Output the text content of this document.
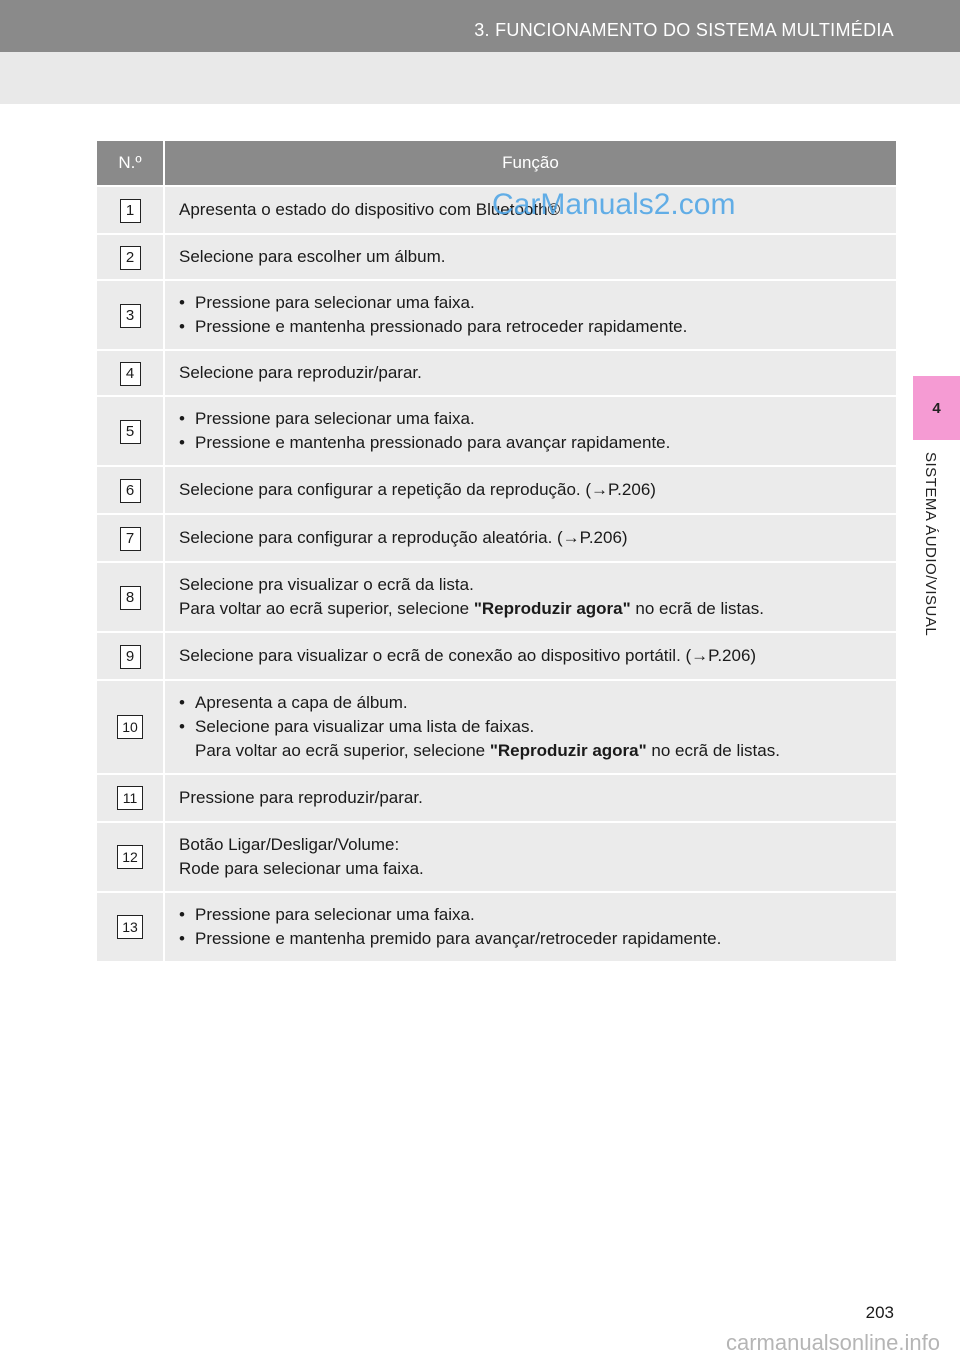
3. FUNCIONAMENTO DO SISTEMA MULTIMÉDIA
4
SISTEMA ÁUDIO/VISUAL
N.º	Função
1	Apresenta o estado do dispositivo com Bluetooth®

2	Selecione para escolher um álbum.

3	• Pressione para selecionar uma faixa.
• Pressione e mantenha pressionado para retroceder rapidamente.

4	Selecione para reproduzir/parar.

5	• Pressione para selecionar uma faixa.
• Pressione e mantenha pressionado para avançar rapidamente.

6	Selecione para configurar a repetição da reprodução. (→P.206)

7	Selecione para configurar a reprodução aleatória. (→P.206)

8	Selecione pra visualizar o ecrã da lista.
Para voltar ao ecrã superior, selecione "Reproduzir agora" no ecrã de listas.

9	Selecione para visualizar o ecrã de conexão ao dispositivo portátil. (→P.206)

10	• Apresenta a capa de álbum.
• Selecione para visualizar uma lista de faixas.
Para voltar ao ecrã superior, selecione "Reproduzir agora" no ecrã de listas.

11	Pressione para reproduzir/parar.

12	Botão Ligar/Desligar/Volume:
Rode para selecionar uma faixa.

13	• Pressione para selecionar uma faixa.
• Pressione e mantenha premido para avançar/retroceder rapidamente.
CarManuals2.com
203
carmanualsonline.info
